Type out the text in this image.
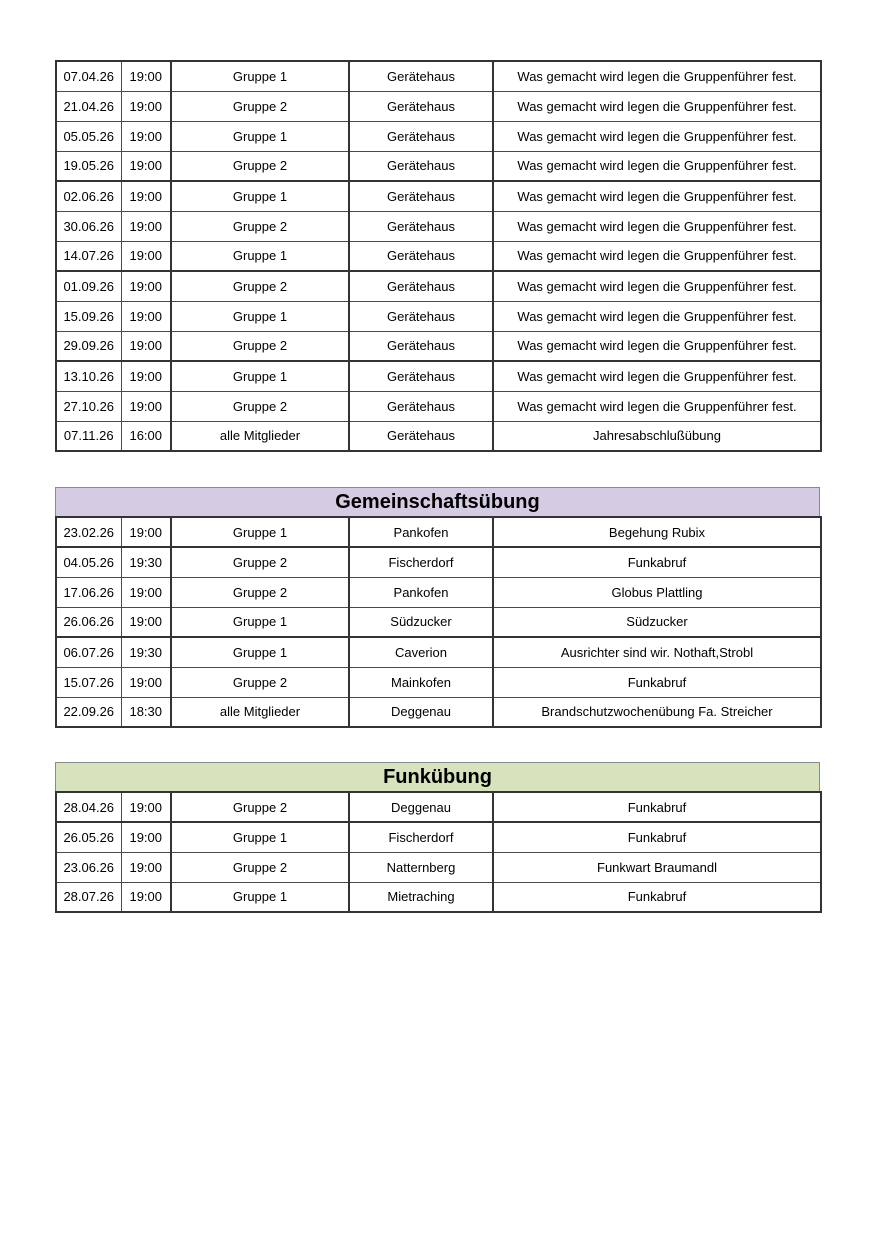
07.04.26	19:00	Gruppe 1	Gerätehaus	Was gemacht wird legen die Gruppenführer fest.
21.04.26	19:00	Gruppe 2	Gerätehaus	Was gemacht wird legen die Gruppenführer fest.
05.05.26	19:00	Gruppe 1	Gerätehaus	Was gemacht wird legen die Gruppenführer fest.
19.05.26	19:00	Gruppe 2	Gerätehaus	Was gemacht wird legen die Gruppenführer fest.
02.06.26	19:00	Gruppe 1	Gerätehaus	Was gemacht wird legen die Gruppenführer fest.
30.06.26	19:00	Gruppe 2	Gerätehaus	Was gemacht wird legen die Gruppenführer fest.
14.07.26	19:00	Gruppe 1	Gerätehaus	Was gemacht wird legen die Gruppenführer fest.
01.09.26	19:00	Gruppe 2	Gerätehaus	Was gemacht wird legen die Gruppenführer fest.
15.09.26	19:00	Gruppe 1	Gerätehaus	Was gemacht wird legen die Gruppenführer fest.
29.09.26	19:00	Gruppe 2	Gerätehaus	Was gemacht wird legen die Gruppenführer fest.
13.10.26	19:00	Gruppe 1	Gerätehaus	Was gemacht wird legen die Gruppenführer fest.
27.10.26	19:00	Gruppe 2	Gerätehaus	Was gemacht wird legen die Gruppenführer fest.
07.11.26	16:00	alle Mitglieder	Gerätehaus	Jahresabschlußübung
Gemeinschaftsübung
23.02.26	19:00	Gruppe 1	Pankofen	Begehung Rubix
04.05.26	19:30	Gruppe 2	Fischerdorf	Funkabruf
17.06.26	19:00	Gruppe 2	Pankofen	Globus Plattling
26.06.26	19:00	Gruppe 1	Südzucker	Südzucker
06.07.26	19:30	Gruppe 1	Caverion	Ausrichter sind wir. Nothaft,Strobl
15.07.26	19:00	Gruppe 2	Mainkofen	Funkabruf
22.09.26	18:30	alle Mitglieder	Deggenau	Brandschutzwochenübung Fa. Streicher
Funkübung
28.04.26	19:00	Gruppe 2	Deggenau	Funkabruf
26.05.26	19:00	Gruppe 1	Fischerdorf	Funkabruf
23.06.26	19:00	Gruppe 2	Natternberg	Funkwart Braumandl
28.07.26	19:00	Gruppe 1	Mietraching	Funkabruf
